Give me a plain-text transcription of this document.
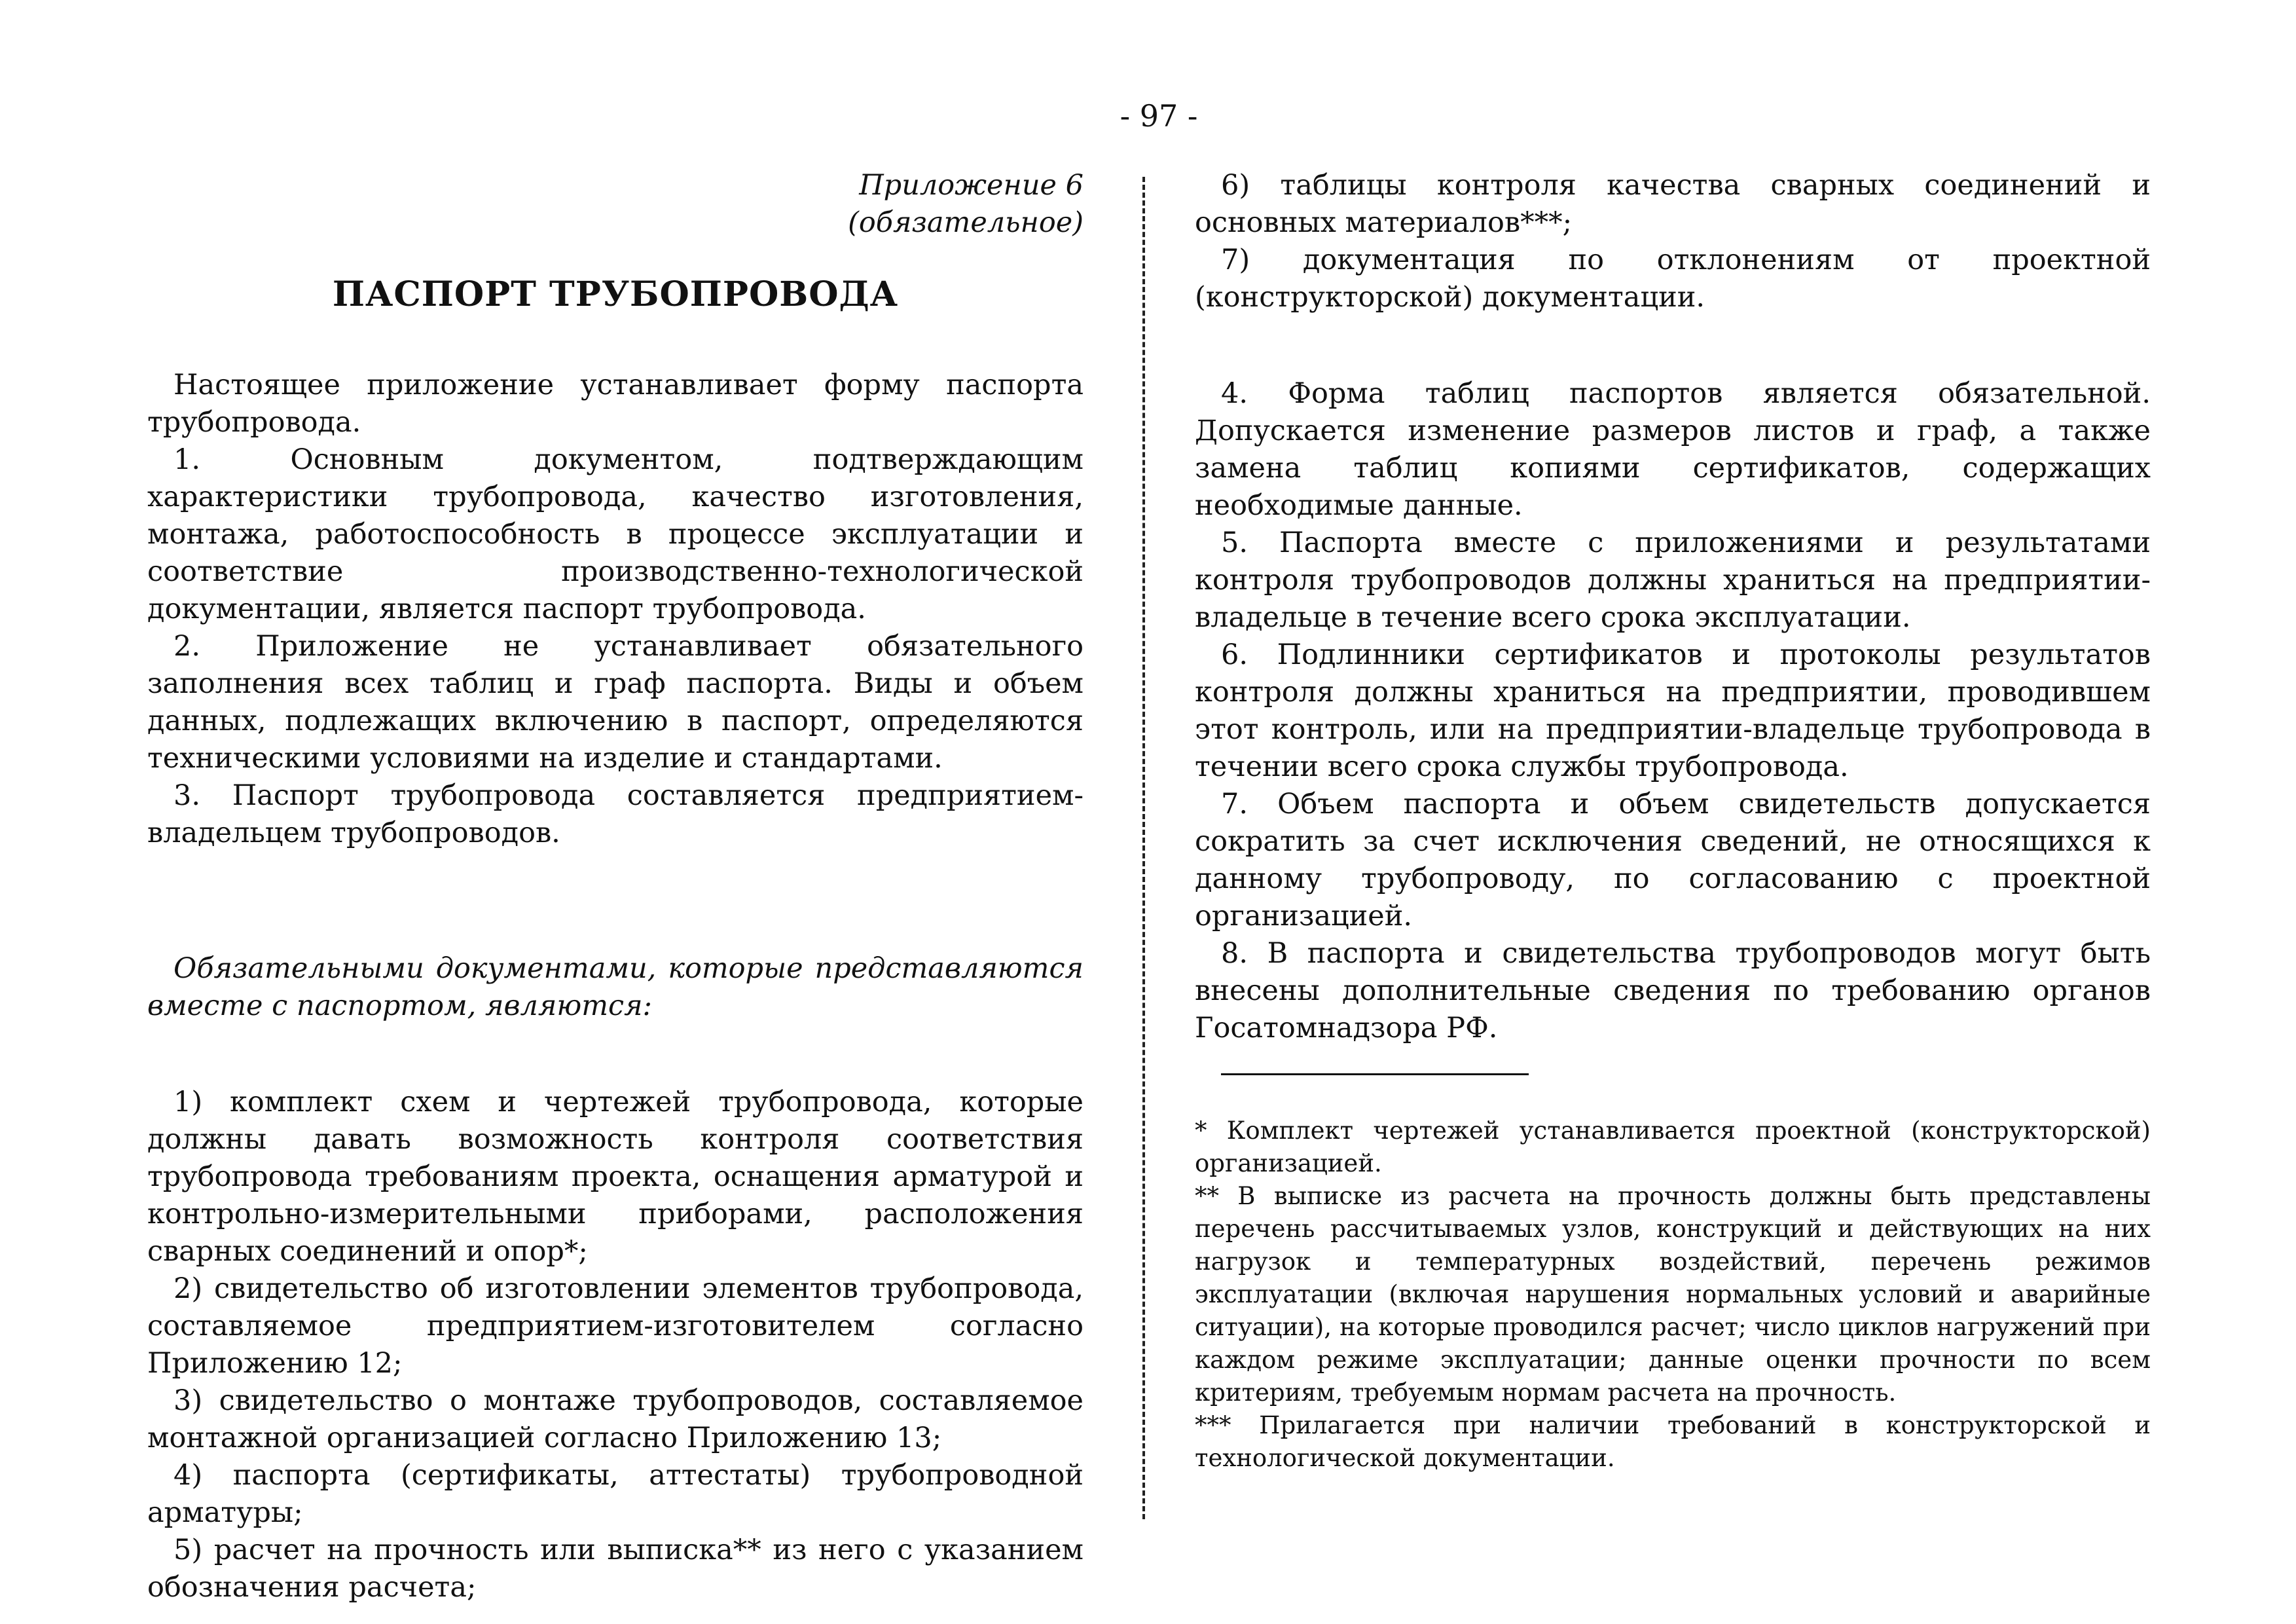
- 97 -
Приложение 6
(обязательное)
ПАСПОРТ ТРУБОПРОВОДА

Настоящее приложение устанавливает форму паспорта трубопровода.

1. Основным документом, подтверждающим характеристики трубопровода, качество изготовления, монтажа, работоспособность в процессе эксплуатации и соответствие производственно-технологической документации, является паспорт трубопровода.

2. Приложение не устанавливает обязательного заполнения всех таблиц и граф паспорта. Виды и объем данных, подлежащих включению в паспорт, определяются техническими условиями на изделие и стандартами.

3. Паспорт трубопровода составляется предприятием-владельцем трубопроводов.

Обязательными документами, которые представляются вместе с паспортом, являются:

1) комплект схем и чертежей трубопровода, которые должны давать возможность контроля соответствия трубопровода требованиям проекта, оснащения арматурой и контрольно-измерительными приборами, расположения сварных соединений и опор*;

2) свидетельство об изготовлении элементов трубопровода, составляемое предприятием-изготовителем согласно Приложению 12;

3) свидетельство о монтаже трубопроводов, составляемое монтажной организацией согласно Приложению 13;

4) паспорта (сертификаты, аттестаты) трубопроводной арматуры;

5) расчет на прочность или выписка** из него с указанием обозначения расчета;

6) таблицы контроля качества сварных соединений и основных материалов***;

7) документация по отклонениям от проектной (конструкторской) документации.

4. Форма таблиц паспортов является обязательной. Допускается изменение размеров листов и граф, а также замена таблиц копиями сертификатов, содержащих необходимые данные.

5. Паспорта вместе с приложениями и результатами контроля трубопроводов должны храниться на предприятии-владельце в течение всего срока эксплуатации.

6. Подлинники сертификатов и протоколы результатов контроля должны храниться на предприятии, проводившем этот контроль, или на предприятии-владельце трубопровода в течении всего срока службы трубопровода.

7. Объем паспорта и объем свидетельств допускается сократить за счет исключения сведений, не относящихся к данному трубопроводу, по согласованию с проектной организацией.

8. В паспорта и свидетельства трубопроводов могут быть внесены дополнительные сведения по требованию органов Госатомнадзора РФ.

* Комплект чертежей устанавливается проектной (конструкторской) организацией.

** В выписке из расчета на прочность должны быть представлены перечень рассчитываемых узлов, конструкций и действующих на них нагрузок и температурных воздействий, перечень режимов эксплуатации (включая нарушения нормальных условий и аварийные ситуации), на которые проводился расчет; число циклов нагружений при каждом режиме эксплуатации; данные оценки прочности по всем критериям, требуемым нормам расчета на прочность.

*** Прилагается при наличии требований в конструкторской и технологической документации.
